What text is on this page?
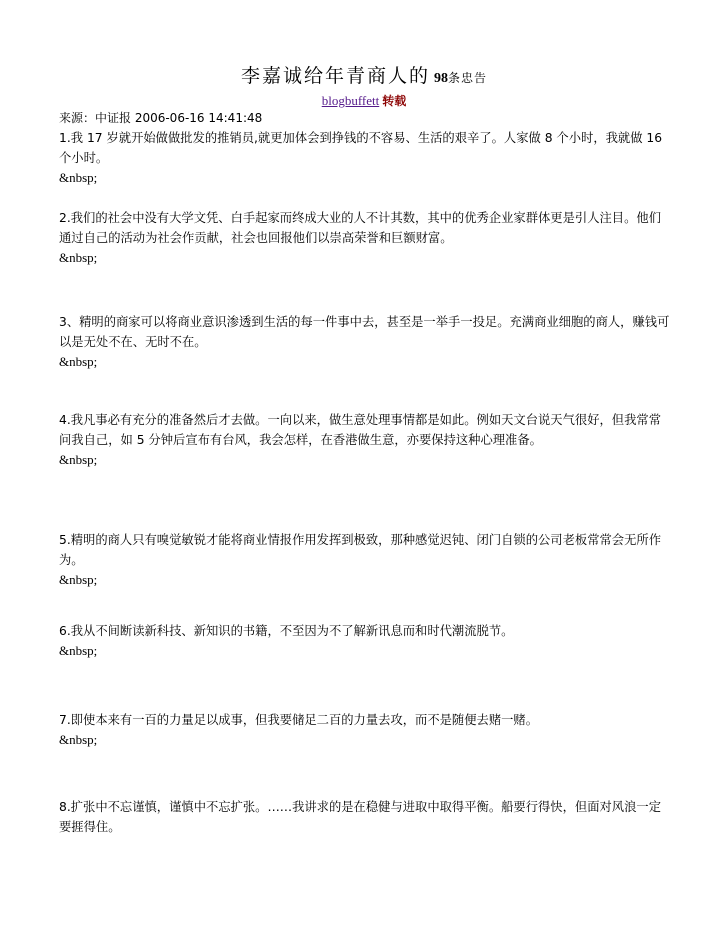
李嘉诚给年青商人的 98条忠告
blogbuffett 转载
来源：中证报 2006-06-16 14:41:48
1.我 17 岁就开始做做批发的推销员,就更加体会到挣钱的不容易、生活的艰辛了。人家做 8 个小时，我就做 16 个小时。
&nbsp;
2.我们的社会中没有大学文凭、白手起家而终成大业的人不计其数，其中的优秀企业家群体更是引人注目。他们通过自己的活动为社会作贡献，社会也回报他们以崇高荣誉和巨额财富。
&nbsp;
3、精明的商家可以将商业意识渗透到生活的每一件事中去，甚至是一举手一投足。充满商业细胞的商人，赚钱可以是无处不在、无时不在。
&nbsp;
4.我凡事必有充分的准备然后才去做。一向以来，做生意处理事情都是如此。例如天文台说天气很好，但我常常问我自己，如 5 分钟后宣布有台风，我会怎样，在香港做生意，亦要保持这种心理准备。
&nbsp;
5.精明的商人只有嗅觉敏锐才能将商业情报作用发挥到极致，那种感觉迟钝、闭门自锁的公司老板常常会无所作为。
&nbsp;
6.我从不间断读新科技、新知识的书籍，不至因为不了解新讯息而和时代潮流脱节。
&nbsp;
7.即使本来有一百的力量足以成事，但我要储足二百的力量去攻，而不是随便去赌一赌。
&nbsp;
8.扩张中不忘谨慎，谨慎中不忘扩张。……我讲求的是在稳健与进取中取得平衡。船要行得快，但面对风浪一定要捱得住。
